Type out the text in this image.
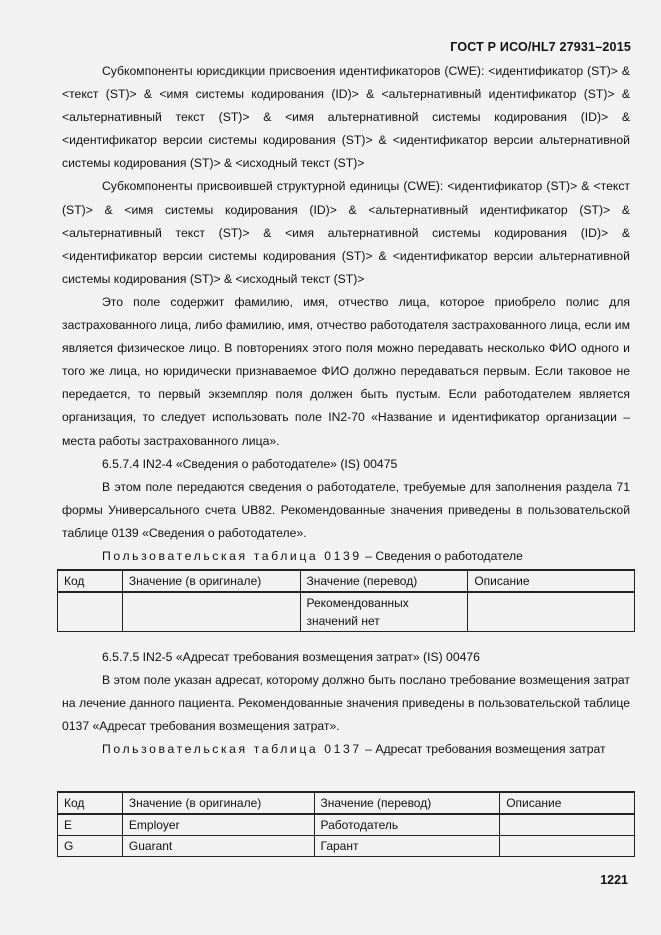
ГОСТ Р ИСО/HL7 27931–2015

Субкомпоненты юрисдикции присвоения идентификаторов (CWE): <идентификатор (ST)> & <текст (ST)> & <имя системы кодирования (ID)> & <альтернативный идентификатор (ST)> & <альтернативный текст (ST)> & <имя альтернативной системы кодирования (ID)> & <идентификатор версии системы кодирования (ST)> & <идентификатор версии альтернативной системы кодирования (ST)> & <исходный текст (ST)>

Субкомпоненты присвоившей структурной единицы (CWE): <идентификатор (ST)> & <текст (ST)> & <имя системы кодирования (ID)> & <альтернативный идентификатор (ST)> & <альтернативный текст (ST)> & <имя альтернативной системы кодирования (ID)> & <идентификатор версии системы кодирования (ST)> & <идентификатор версии альтернативной системы кодирования (ST)> & <исходный текст (ST)>

Это поле содержит фамилию, имя, отчество лица, которое приобрело полис для застрахованного лица, либо фамилию, имя, отчество работодателя застрахованного лица, если им является физическое лицо. В повторениях этого поля можно передавать несколько ФИО одного и того же лица, но юридически признаваемое ФИО должно передаваться первым. Если таковое не передается, то первый экземпляр поля должен быть пустым. Если работодателем является организация, то следует использовать поле IN2-70 «Название и идентификатор организации – места работы застрахованного лица».

6.5.7.4 IN2-4 «Сведения о работодателе» (IS) 00475

В этом поле передаются сведения о работодателе, требуемые для заполнения раздела 71 формы Универсального счета UB82. Рекомендованные значения приведены в пользовательской таблице 0139 «Сведения о работодателе».

Пользовательская таблица 0139 – Сведения о работодателе

Код	Значение (в оригинале)	Значение (перевод)	Описание
		Рекомендованных значений нет	

6.5.7.5 IN2-5 «Адресат требования возмещения затрат» (IS) 00476

В этом поле указан адресат, которому должно быть послано требование возмещения затрат на лечение данного пациента. Рекомендованные значения приведены в пользовательской таблице 0137 «Адресат требования возмещения затрат».

Пользовательская таблица 0137 – Адресат требования возмещения затрат

Код	Значение (в оригинале)	Значение (перевод)	Описание
E	Employer	Работодатель	
G	Guarant	Гарант	
1221
